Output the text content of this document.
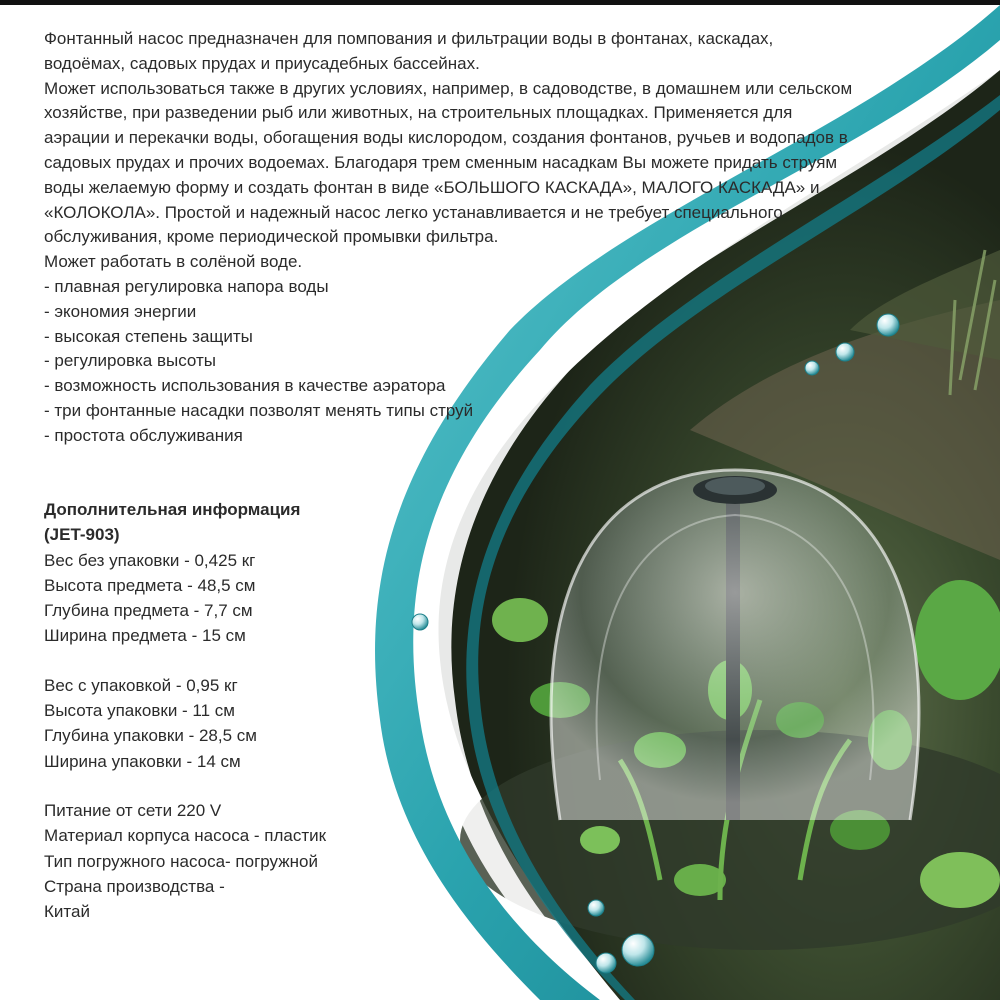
Фонтанный насос предназначен для помпования и фильтрации воды в фонтанах, каскадах,
водоёмах, садовых прудах и приусадебных бассейнах.
Может использоваться также в других условиях, например, в садоводстве, в домашнем или сельском
хозяйстве, при разведении рыб или животных, на строительных площадках. Применяется для
аэрации и перекачки воды, обогащения воды кислородом, создания фонтанов, ручьев и водопадов в
садовых прудах и прочих водоемах. Благодаря трем сменным насадкам Вы можете придать струям
воды желаемую форму и создать фонтан в виде «БОЛЬШОГО КАСКАДА», МАЛОГО КАСКАДА» и
«КОЛОКОЛА». Простой и надежный насос легко устанавливается и не требует специального
обслуживания, кроме периодической промывки фильтра.
Может работать в солёной воде.
- плавная регулировка напора воды
- экономия энергии
- высокая степень защиты
- регулировка высоты
- возможность использования в качестве аэратора
- три фонтанные насадки позволят менять типы струй
- простота обслуживания
Дополнительная информация
(JET-903)
Вес без упаковки - 0,425 кг
Высота предмета - 48,5 см
Глубина предмета - 7,7 см
Ширина предмета - 15 см
Вес с упаковкой - 0,95 кг
Высота упаковки - 11 см
Глубина упаковки - 28,5 см
Ширина упаковки - 14 см
Питание от сети 220 V
Материал корпуса насоса - пластик
Тип погружного насоса- погружной
Страна производства -
Китай
